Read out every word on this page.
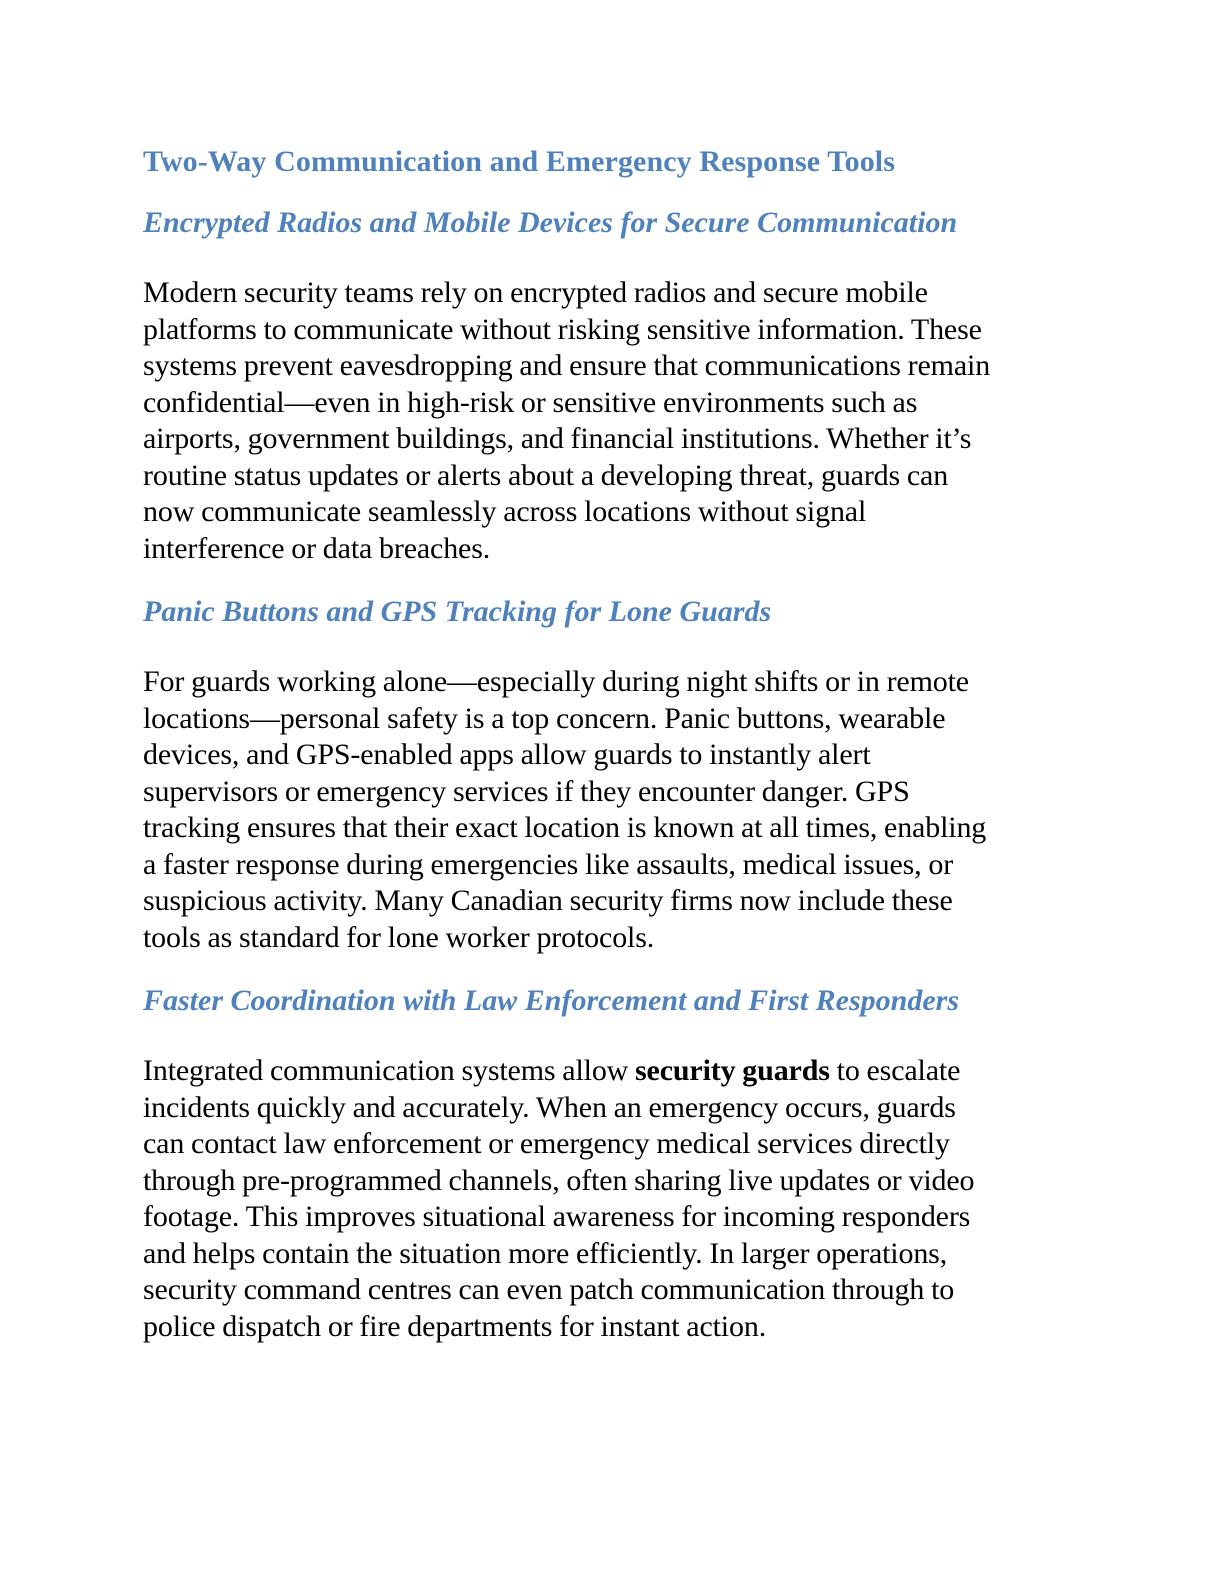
Two-Way Communication and Emergency Response Tools
Encrypted Radios and Mobile Devices for Secure Communication
Modern security teams rely on encrypted radios and secure mobile
platforms to communicate without risking sensitive information. These
systems prevent eavesdropping and ensure that communications remain
confidential—even in high-risk or sensitive environments such as
airports, government buildings, and financial institutions. Whether it’s
routine status updates or alerts about a developing threat, guards can
now communicate seamlessly across locations without signal
interference or data breaches.
Panic Buttons and GPS Tracking for Lone Guards
For guards working alone—especially during night shifts or in remote
locations—personal safety is a top concern. Panic buttons, wearable
devices, and GPS-enabled apps allow guards to instantly alert
supervisors or emergency services if they encounter danger. GPS
tracking ensures that their exact location is known at all times, enabling
a faster response during emergencies like assaults, medical issues, or
suspicious activity. Many Canadian security firms now include these
tools as standard for lone worker protocols.
Faster Coordination with Law Enforcement and First Responders
Integrated communication systems allow security guards to escalate
incidents quickly and accurately. When an emergency occurs, guards
can contact law enforcement or emergency medical services directly
through pre-programmed channels, often sharing live updates or video
footage. This improves situational awareness for incoming responders
and helps contain the situation more efficiently. In larger operations,
security command centres can even patch communication through to
police dispatch or fire departments for instant action.
